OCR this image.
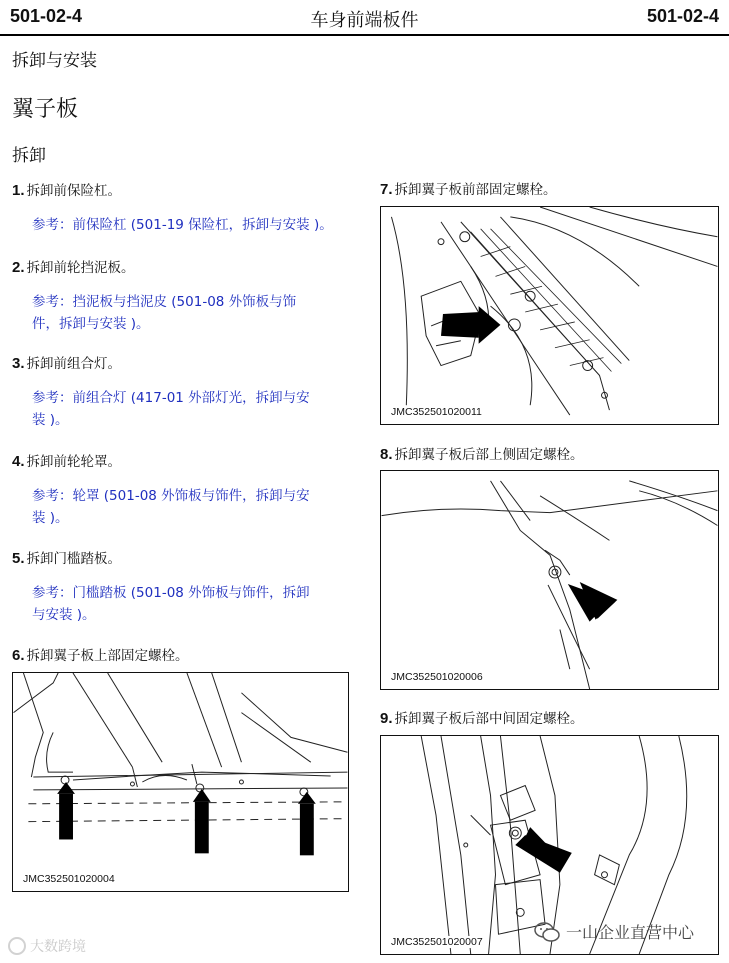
车身前端板件
501-02-4	501-02-4
拆卸与安装
翼子板
拆卸
1. 拆卸前保险杠。
参考：前保险杠 (501-19 保险杠，拆卸与安装 )。
2. 拆卸前轮挡泥板。
参考：挡泥板与挡泥皮 (501-08 外饰板与饰
件，拆卸与安装 )。
3. 拆卸前组合灯。
参考：前组合灯 (417-01 外部灯光，拆卸与安
装 )。
4. 拆卸前轮轮罩。
参考：轮罩 (501-08 外饰板与饰件，拆卸与安
装 )。
5. 拆卸门槛踏板。
参考：门槛踏板 (501-08 外饰板与饰件，拆卸
与安装 )。
6. 拆卸翼子板上部固定螺栓。
JMC352501020004
7. 拆卸翼子板前部固定螺栓。
JMC352501020011
8. 拆卸翼子板后部上侧固定螺栓。
JMC352501020006
9. 拆卸翼子板后部中间固定螺栓。
JMC352501020007
大数跨境
一山企业直营中心
